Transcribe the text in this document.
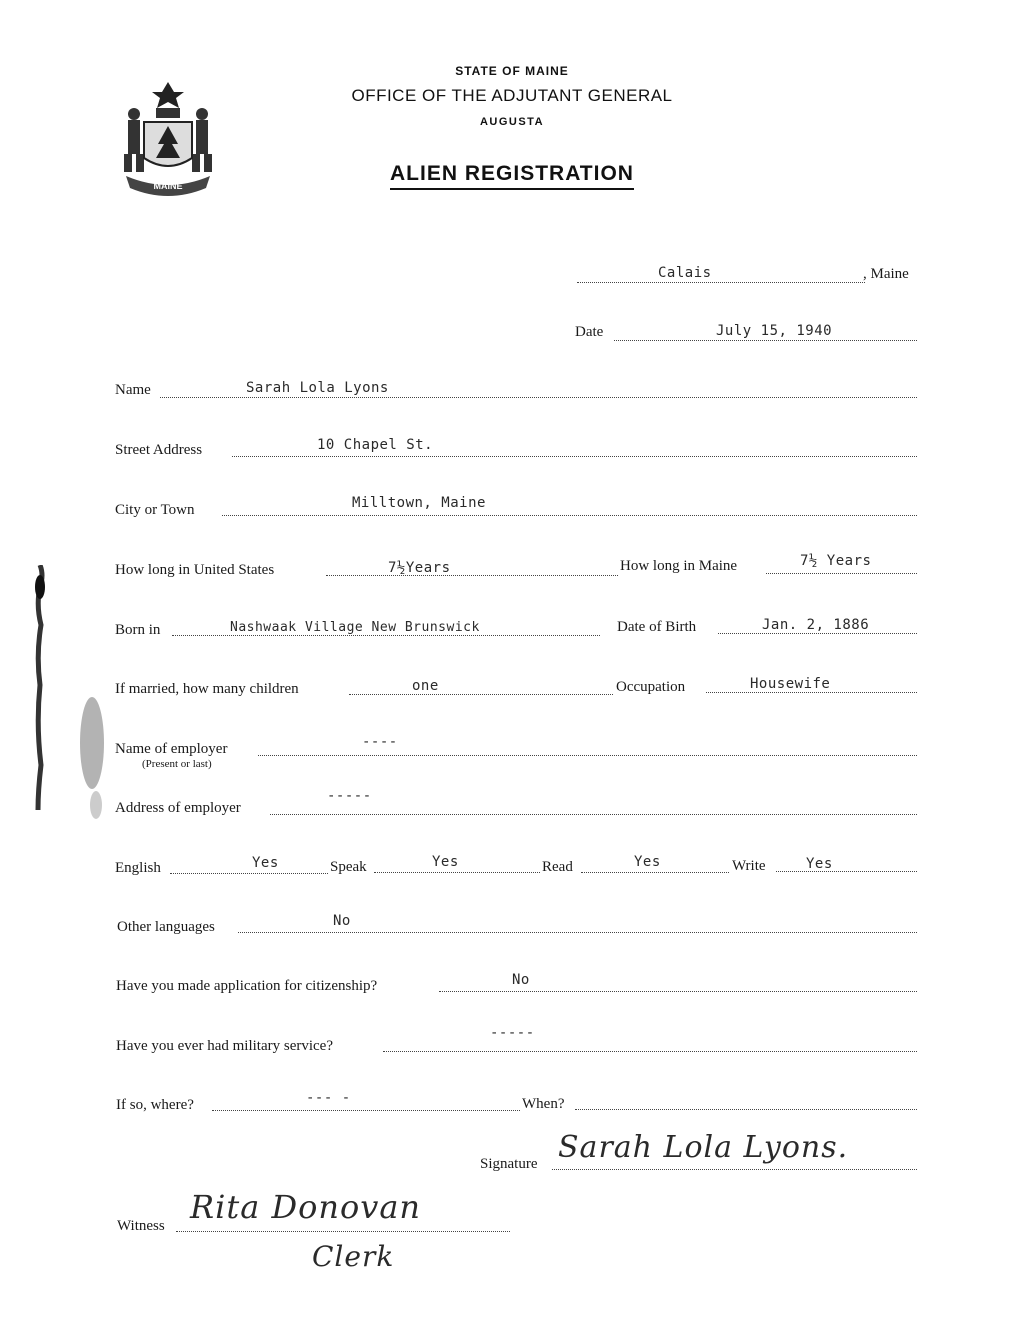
MAINE
STATE OF MAINE
OFFICE OF THE ADJUTANT GENERAL
AUGUSTA
ALIEN REGISTRATION
Calais	, Maine
Date	July 15, 1940
Name	Sarah Lola Lyons
Street Address	10 Chapel St.
City or Town	Milltown, Maine
How long in United States	7½Years	How long in Maine	7½ Years
Born in	Nashwaak Village New Brunswick	Date of Birth	Jan. 2, 1886
If married, how many children	one	Occupation	Housewife
Name of employer
(Present or last)
----
Address of employer
-----
English	Yes	Speak	Yes	Read	Yes	Write	Yes
Other languages	No
Have you made application for citizenship?	No
Have you ever had military service?
-----
If so, where?	--- -	When?
Signature Sarah Lola Lyons.
Witness Rita Donovan
Clerk
